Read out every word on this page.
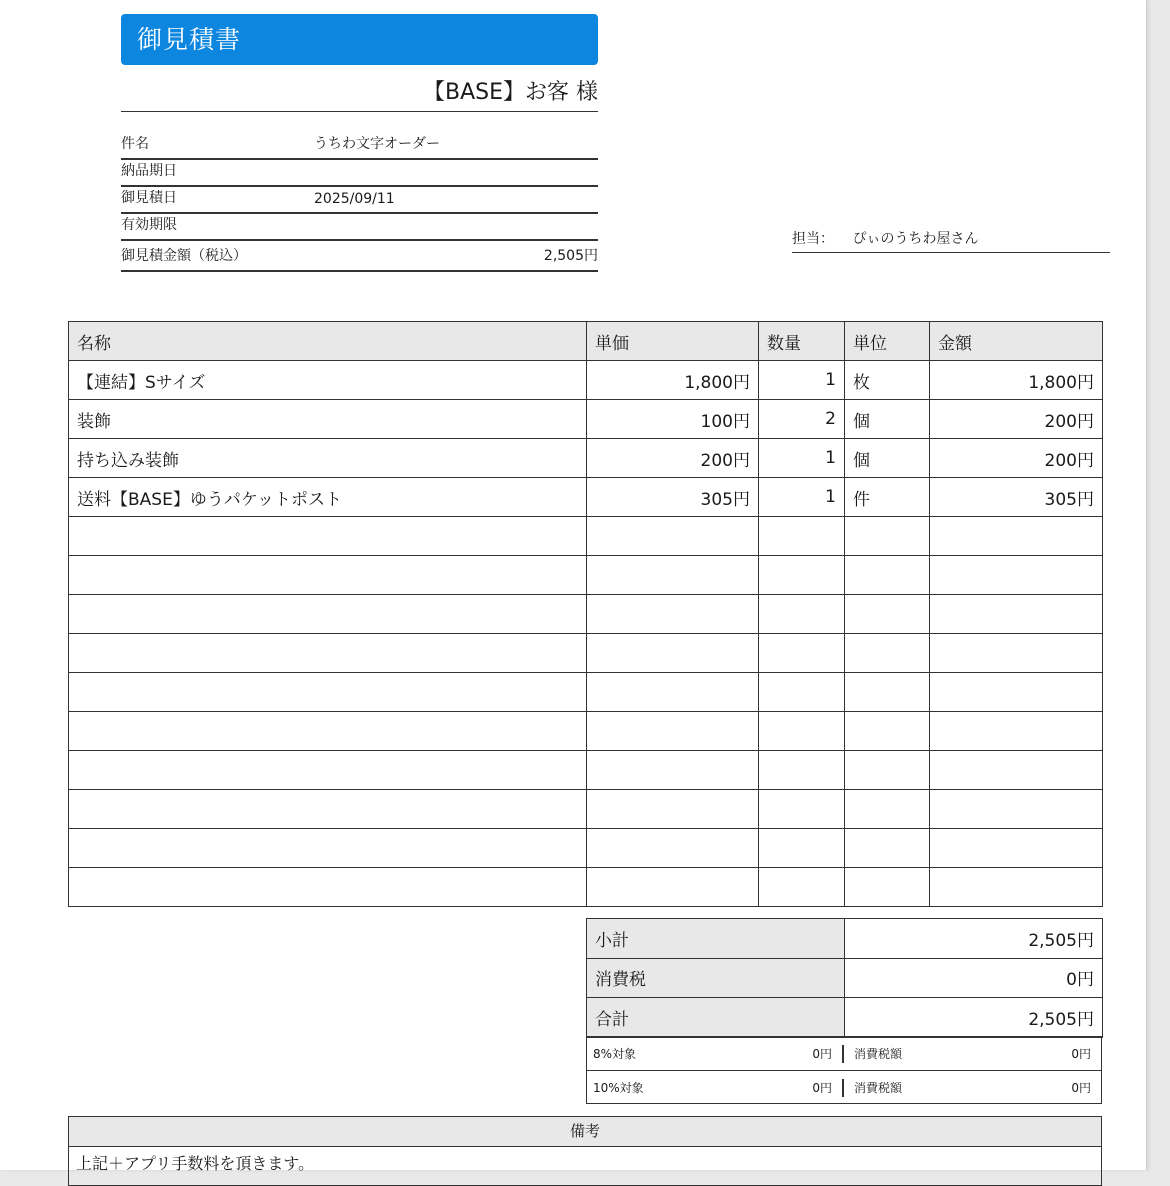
御見積書
【BASE】お客 様
件名	うちわ文字オーダー
納品期日
御見積日	2025/09/11
有効期限
御見積金額（税込）	2,505円
担当： ぴぃのうちわ屋さん
名称	単価	数量	単位	金額
【連結】Sサイズ	1,800円	1	枚	1,800円
装飾	100円	2	個	200円
持ち込み装飾	200円	1	個	200円
送料【BASE】ゆうパケットポスト	305円	1	件	305円

小計	2,505円
消費税	0円
合計	2,505円
8%対象	0円 消費税額	0円
10%対象	0円 消費税額	0円
備考
上記＋アプリ手数料を頂きます。
